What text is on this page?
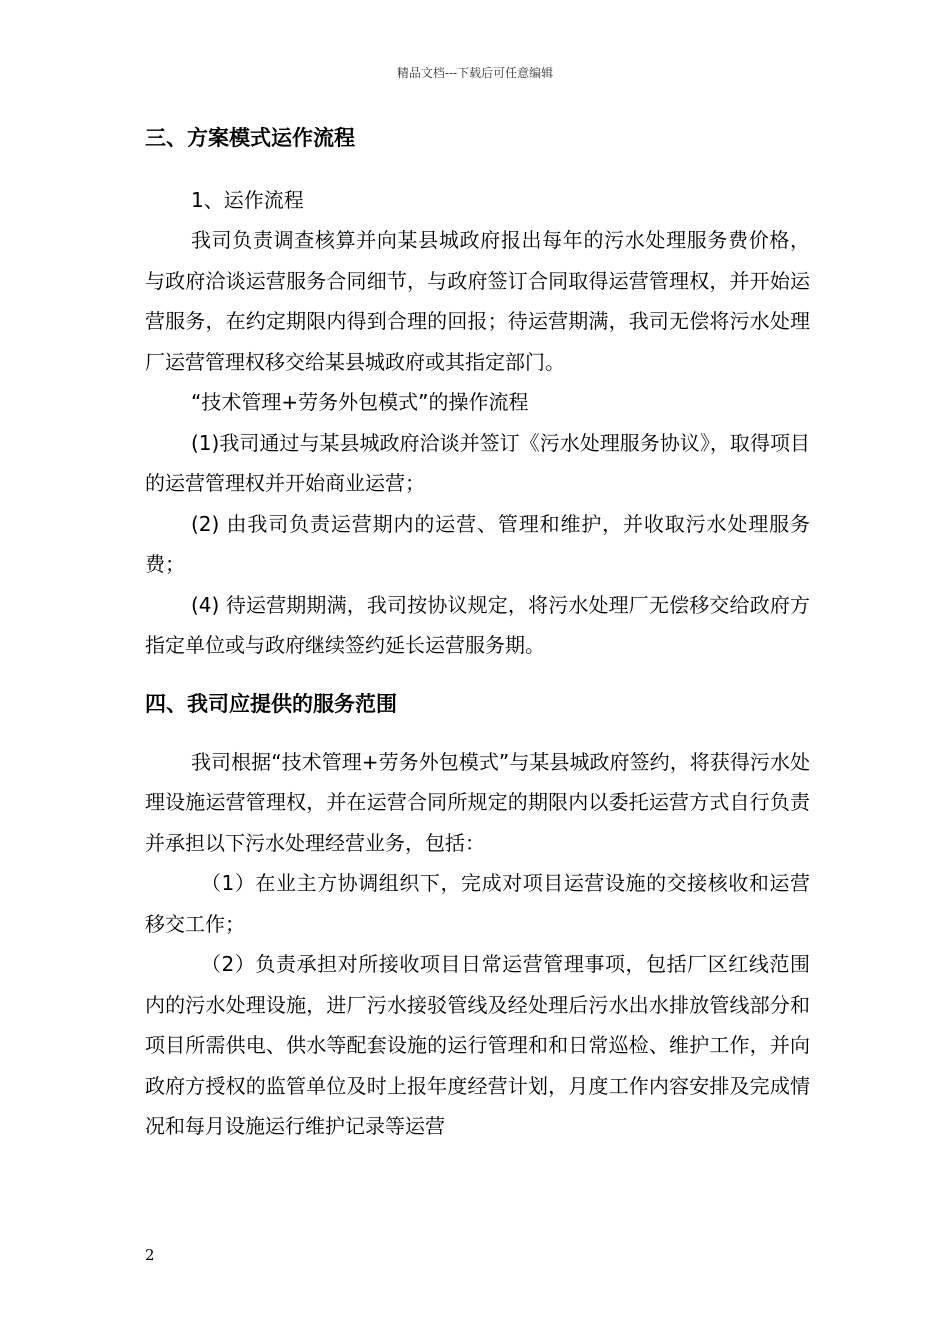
精品文档---下载后可任意编辑
三、方案模式运作流程
1、运作流程
我司负责调查核算并向某县城政府报出每年的污水处理服务费价格，与政府洽谈运营服务合同细节，与政府签订合同取得运营管理权，并开始运营服务，在约定期限内得到合理的回报；待运营期满，我司无偿将污水处理厂运营管理权移交给某县城政府或其指定部门。
“技术管理+劳务外包模式”的操作流程
(1)我司通过与某县城政府洽谈并签订《污水处理服务协议》，取得项目的运营管理权并开始商业运营；
(2) 由我司负责运营期内的运营、管理和维护，并收取污水处理服务费；
(4) 待运营期期满，我司按协议规定，将污水处理厂无偿移交给政府方指定单位或与政府继续签约延长运营服务期。
四、我司应提供的服务范围
我司根据“技术管理+劳务外包模式”与某县城政府签约，将获得污水处理设施运营管理权，并在运营合同所规定的期限内以委托运营方式自行负责并承担以下污水处理经营业务，包括：
（1）在业主方协调组织下，完成对项目运营设施的交接核收和运营移交工作；
（2）负责承担对所接收项目日常运营管理事项，包括厂区红线范围内的污水处理设施，进厂污水接驳管线及经处理后污水出水排放管线部分和项目所需供电、供水等配套设施的运行管理和和日常巡检、维护工作，并向政府方授权的监管单位及时上报年度经营计划，月度工作内容安排及完成情况和每月设施运行维护记录等运营
2
